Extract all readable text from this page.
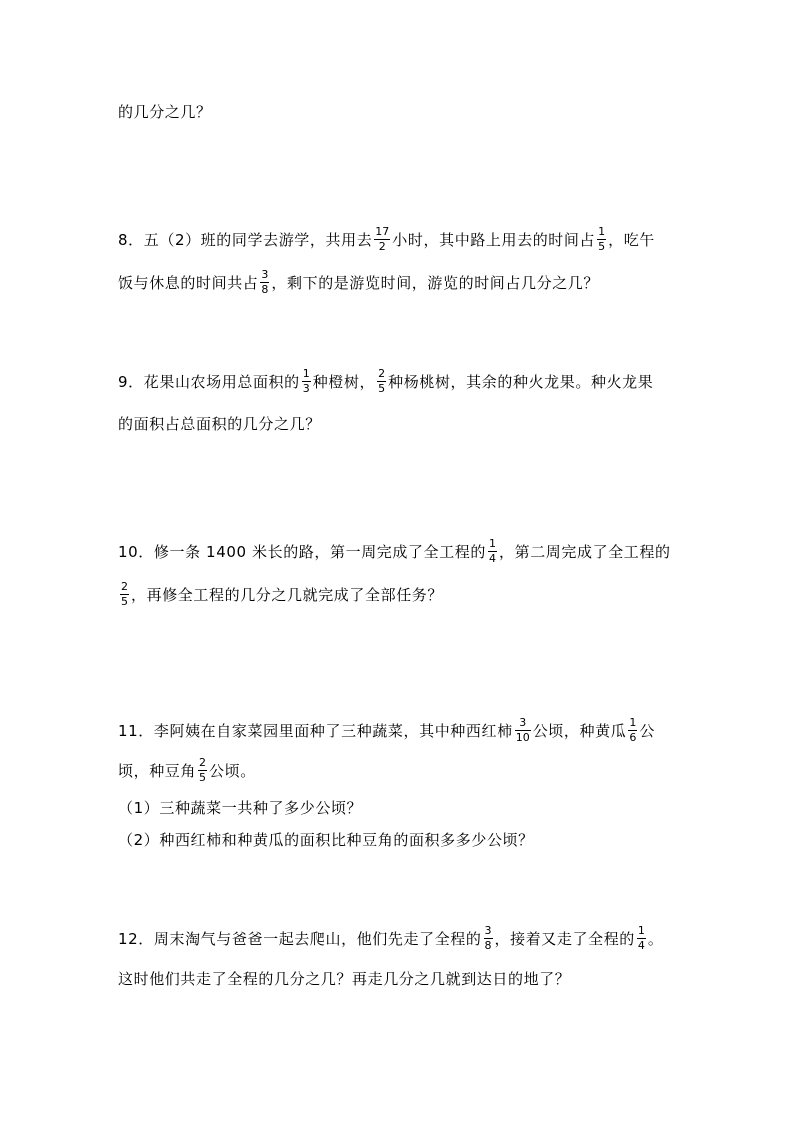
的几分之几？
8．五（2）班的同学去游学，共用去 $\frac{17}{2}$ 小时，其中路上用去的时间占 $\frac{1}{5}$ ，吃午
饭与休息的时间共占 $\frac{3}{8}$ ，剩下的是游览时间，游览的时间占几分之几？
9．花果山农场用总面积的 $\frac{1}{3}$ 种橙树， $\frac{2}{5}$ 种杨桃树，其余的种火龙果。种火龙果
的面积占总面积的几分之几？
10．修一条 1400 米长的路，第一周完成了全工程的 $\frac{1}{4}$ ，第二周完成了全工程的
$\frac{2}{5}$ ，再修全工程的几分之几就完成了全部任务？
11．李阿姨在自家菜园里面种了三种蔬菜，其中种西红柿 $\frac{3}{10}$ 公顷，种黄瓜 $\frac{1}{6}$ 公
顷，种豆角 $\frac{2}{5}$ 公顷。
（1）三种蔬菜一共种了多少公顷？
（2）种西红柿和种黄瓜的面积比种豆角的面积多多少公顷？
12．周末淘气与爸爸一起去爬山，他们先走了全程的 $\frac{3}{8}$ ，接着又走了全程的 $\frac{1}{4}$ 。
这时他们共走了全程的几分之几？再走几分之几就到达日的地了？
